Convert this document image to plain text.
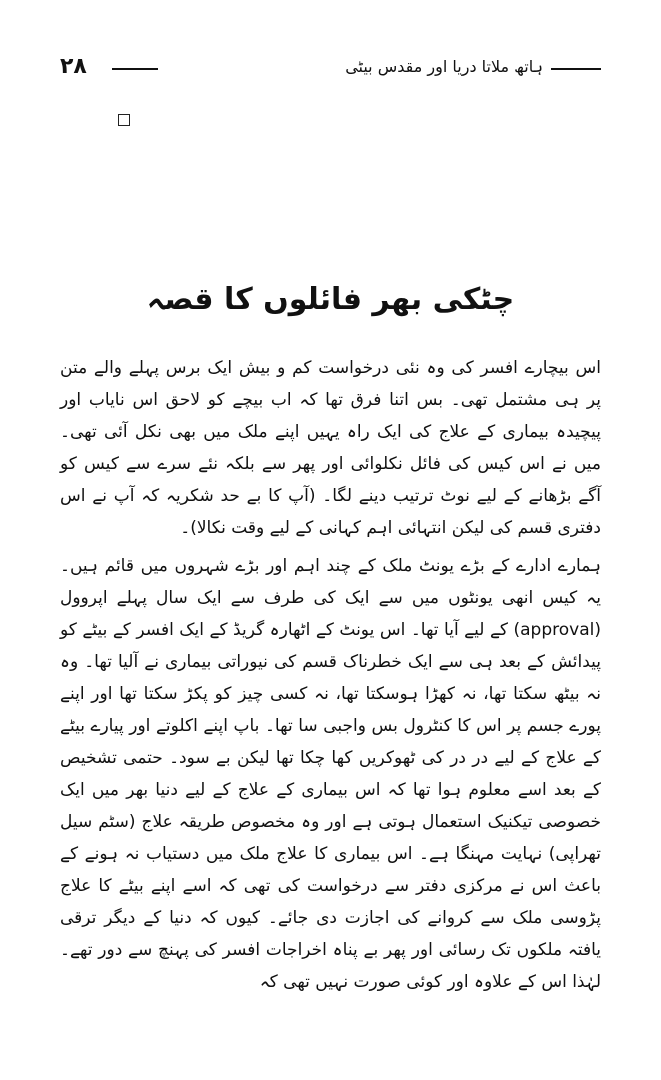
۲۸	ہاتھ ملاتا دریا اور مقدس بیٹی
چٹکی بھر فائلوں کا قصہ

اس بیچارے افسر کی وہ نئی درخواست کم و بیش ایک برس پہلے والے متن پر ہی مشتمل تھی۔ بس اتنا فرق تھا کہ اب بیچے کو لاحق اس نایاب اور پیچیدہ بیماری کے علاج کی ایک راہ یہیں اپنے ملک میں بھی نکل آئی تھی۔ میں نے اس کیس کی فائل نکلوائی اور پھر سے بلکہ نئے سرے سے کیس کو آگے بڑھانے کے لیے نوٹ ترتیب دینے لگا۔ (آپ کا بے حد شکریہ کہ آپ نے اس دفتری قسم کی لیکن انتہائی اہم کہانی کے لیے وقت نکالا)۔

ہمارے ادارے کے بڑے یونٹ ملک کے چند اہم اور بڑے شہروں میں قائم ہیں۔ یہ کیس انھی یونٹوں میں سے ایک کی طرف سے ایک سال پہلے اپروول (approval) کے لیے آیا تھا۔ اس یونٹ کے اٹھارہ گریڈ کے ایک افسر کے بیٹے کو پیدائش کے بعد ہی سے ایک خطرناک قسم کی نیوراتی بیماری نے آلیا تھا۔ وہ نہ بیٹھ سکتا تھا، نہ کھڑا ہوسکتا تھا، نہ کسی چیز کو پکڑ سکتا تھا اور اپنے پورے جسم پر اس کا کنٹرول بس واجبی سا تھا۔ باپ اپنے اکلوتے اور پیارے بیٹے کے علاج کے لیے در در کی ٹھوکریں کھا چکا تھا لیکن بے سود۔ حتمی تشخیص کے بعد اسے معلوم ہوا تھا کہ اس بیماری کے علاج کے لیے دنیا بھر میں ایک خصوصی تیکنیک استعمال ہوتی ہے اور وہ مخصوص طریقہ علاج (سٹم سیل تھراپی) نہایت مہنگا ہے۔ اس بیماری کا علاج ملک میں دستیاب نہ ہونے کے باعث اس نے مرکزی دفتر سے درخواست کی تھی کہ اسے اپنے بیٹے کا علاج پڑوسی ملک سے کروانے کی اجازت دی جائے۔ کیوں کہ دنیا کے دیگر ترقی یافتہ ملکوں تک رسائی اور پھر بے پناہ اخراجات افسر کی پہنچ سے دور تھے۔ لہٰذا اس کے علاوہ اور کوئی صورت نہیں تھی کہ
